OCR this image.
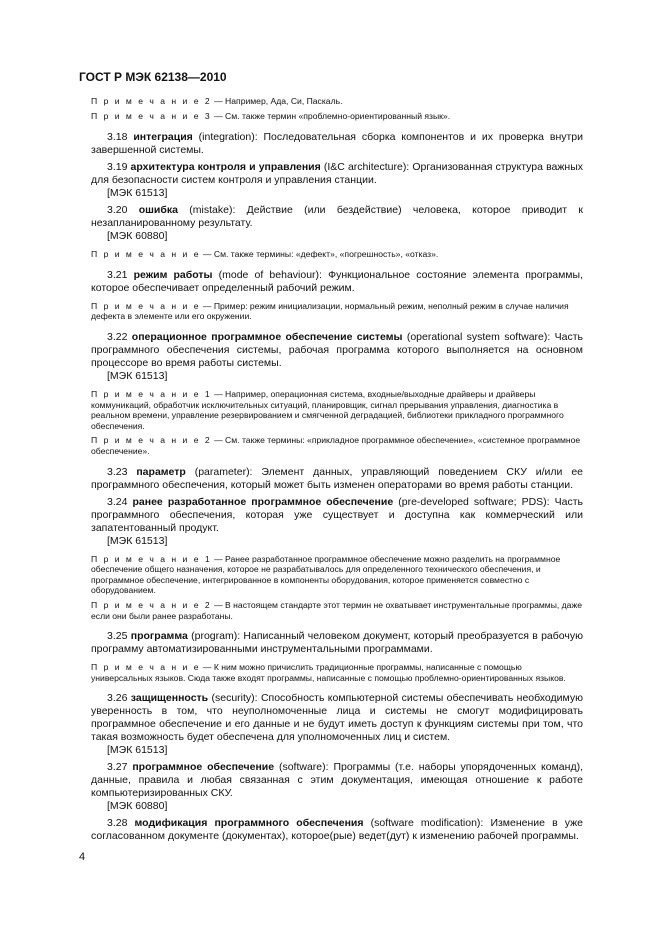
ГОСТ Р МЭК 62138—2010

П р и м е ч а н и е 2 — Например, Ада, Си, Паскаль.

П р и м е ч а н и е 3 — См. также термин «проблемно-ориентированный язык».

3.18 интеграция (integration): Последовательная сборка компонентов и их проверка внутри завершенной системы.

3.19 архитектура контроля и управления (I&C architecture): Организованная структура важных для безопасности систем контроля и управления станции.

[МЭК 61513]

3.20 ошибка (mistake): Действие (или бездействие) человека, которое приводит к незапланированному результату.

[МЭК 60880]

П р и м е ч а н и е — См. также термины: «дефект», «погрешность», «отказ».

3.21 режим работы (mode of behaviour): Функциональное состояние элемента программы, которое обеспечивает определенный рабочий режим.

П р и м е ч а н и е — Пример: режим инициализации, нормальный режим, неполный режим в случае наличия дефекта в элементе или его окружении.

3.22 операционное программное обеспечение системы (operational system software): Часть программного обеспечения системы, рабочая программа которого выполняется на основном процессоре во время работы системы.

[МЭК 61513]

П р и м е ч а н и е 1 — Например, операционная система, входные/выходные драйверы и драйверы коммуникаций, обработчик исключительных ситуаций, планировщик, сигнал прерывания управления, диагностика в реальном времени, управление резервированием и смягченной деградацией, библиотеки прикладного программного обеспечения.

П р и м е ч а н и е 2 — См. также термины: «прикладное программное обеспечение», «системное программное обеспечение».

3.23 параметр (parameter): Элемент данных, управляющий поведением СКУ и/или ее программного обеспечения, который может быть изменен операторами во время работы станции.

3.24 ранее разработанное программное обеспечение (pre-developed software; PDS): Часть программного обеспечения, которая уже существует и доступна как коммерческий или запатентованный продукт.

[МЭК 61513]

П р и м е ч а н и е 1 — Ранее разработанное программное обеспечение можно разделить на программное обеспечение общего назначения, которое не разрабатывалось для определенного технического обеспечения, и программное обеспечение, интегрированное в компоненты оборудования, которое применяется совместно с оборудованием.

П р и м е ч а н и е 2 — В настоящем стандарте этот термин не охватывает инструментальные программы, даже если они были ранее разработаны.

3.25 программа (program): Написанный человеком документ, который преобразуется в рабочую программу автоматизированными инструментальными программами.

П р и м е ч а н и е — К ним можно причислить традиционные программы, написанные с помощью универсальных языков. Сюда также входят программы, написанные с помощью проблемно-ориентированных языков.

3.26 защищенность (security): Способность компьютерной системы обеспечивать необходимую уверенность в том, что неуполномоченные лица и системы не смогут модифицировать программное обеспечение и его данные и не будут иметь доступ к функциям системы при том, что такая возможность будет обеспечена для уполномоченных лиц и систем.

[МЭК 61513]

3.27 программное обеспечение (software): Программы (т.е. наборы упорядоченных команд), данные, правила и любая связанная с этим документация, имеющая отношение к работе компьютеризированных СКУ.

[МЭК 60880]

3.28 модификация программного обеспечения (software modification): Изменение в уже согласованном документе (документах), которое(рые) ведет(дут) к изменению рабочей программы.

4
